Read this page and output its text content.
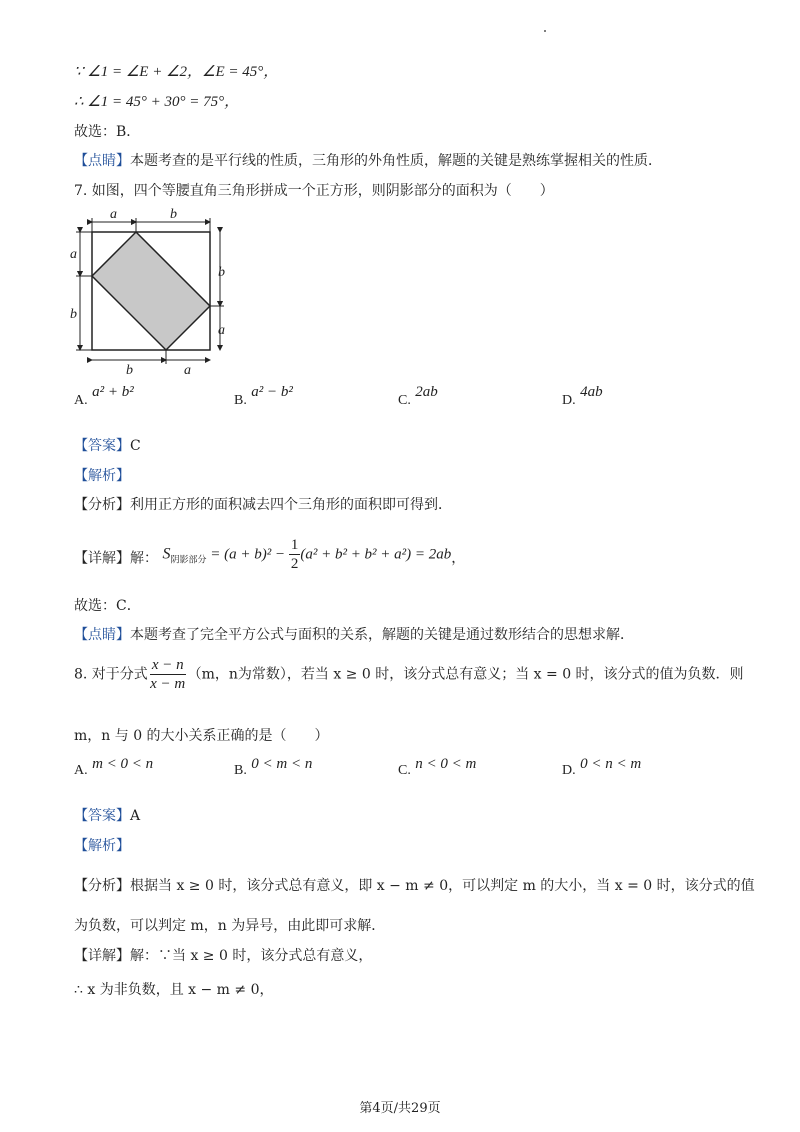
∵ ∠1 = ∠E + ∠2，∠E = 45°，
∴ ∠1 = 45° + 30° = 75°，
故选：B．
【点睛】本题考查的是平行线的性质，三角形的外角性质，解题的关键是熟练掌握相关的性质．
7. 如图，四个等腰直角三角形拼成一个正方形，则阴影部分的面积为（　　）
a	b
a
b
b
a
b	a
A. a² + b²
B. a² − b²
C. 2ab
D. 4ab
【答案】C
【解析】
【分析】利用正方形的面积减去四个三角形的面积即可得到．
【详解】解： $S_{阴影部分} = (a + b)^2 - \frac{1}{2} (a^2 + b^2 + b^2 + a^2) = 2ab$，
故选：C．
【点睛】本题考查了完全平方公式与面积的关系，解题的关键是通过数形结合的思想求解．
8. 对于分式 $\frac{x - n}{x - m} (m$，n为常数），若当 x ≥ 0 时，该分式总有意义；当 x = 0 时，该分式的值为负数．则
m，n 与 0 的大小关系正确的是（　　）
A. m < 0 < n	B. 0 < m < n	C. n < 0 < m	D. 0 < n < m
【答案】A
【解析】
【分析】根据当 x ≥ 0 时，该分式总有意义，即 x − m ≠ 0，可以判定 m 的大小，当 x = 0 时，该分式的值
为负数，可以判定 m，n 为异号，由此即可求解．
【详解】解：∵当 x ≥ 0 时，该分式总有意义，
∴ x 为非负数，且 x − m ≠ 0，
第4页/共29页
